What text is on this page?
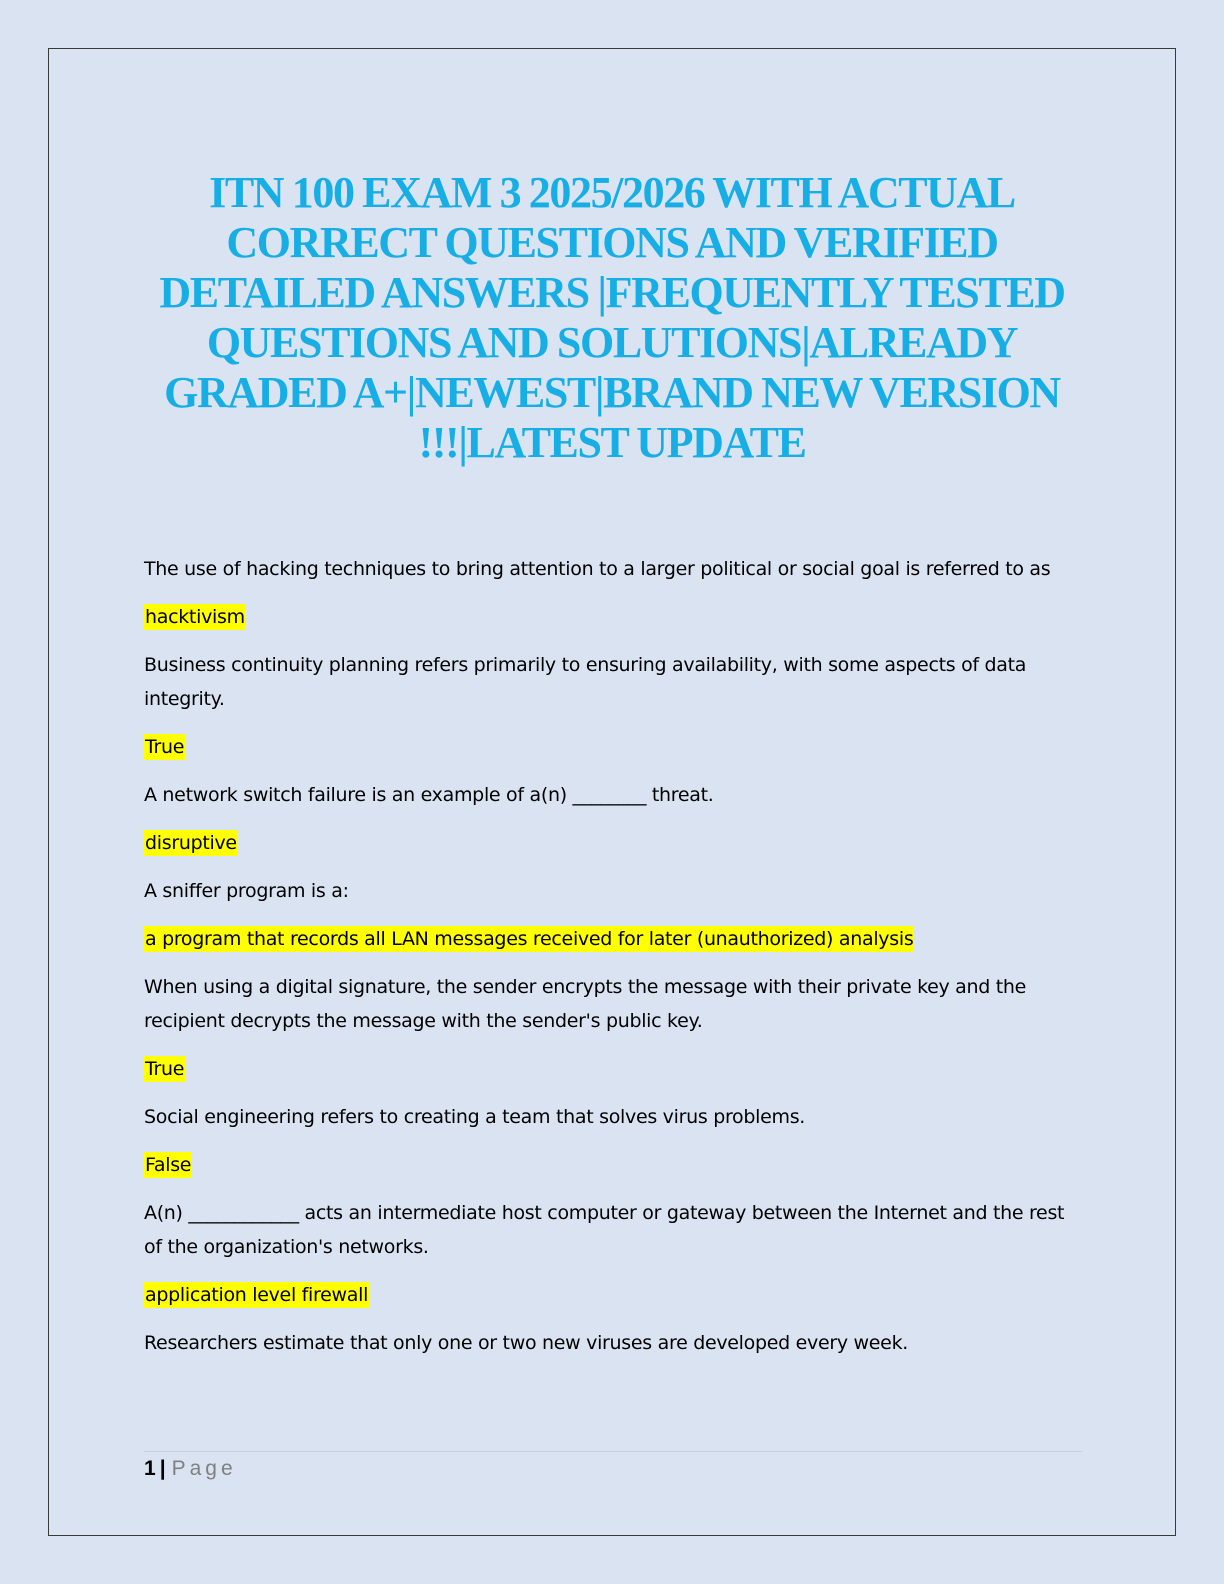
ITN 100 EXAM 3 2025/2026 WITH ACTUAL CORRECT QUESTIONS AND VERIFIED DETAILED ANSWERS |FREQUENTLY TESTED QUESTIONS AND SOLUTIONS|ALREADY GRADED A+|NEWEST|BRAND NEW VERSION !!!|LATEST UPDATE

The use of hacking techniques to bring attention to a larger political or social goal is referred to as

hacktivism

Business continuity planning refers primarily to ensuring availability, with some aspects of data integrity.

True

A network switch failure is an example of a(n) ________ threat.

disruptive

A sniffer program is a:

a program that records all LAN messages received for later (unauthorized) analysis

When using a digital signature, the sender encrypts the message with their private key and the recipient decrypts the message with the sender's public key.

True

Social engineering refers to creating a team that solves virus problems.

False

A(n) ____________ acts an intermediate host computer or gateway between the Internet and the rest of the organization's networks.

application level firewall

Researchers estimate that only one or two new viruses are developed every week.

1 | Page
